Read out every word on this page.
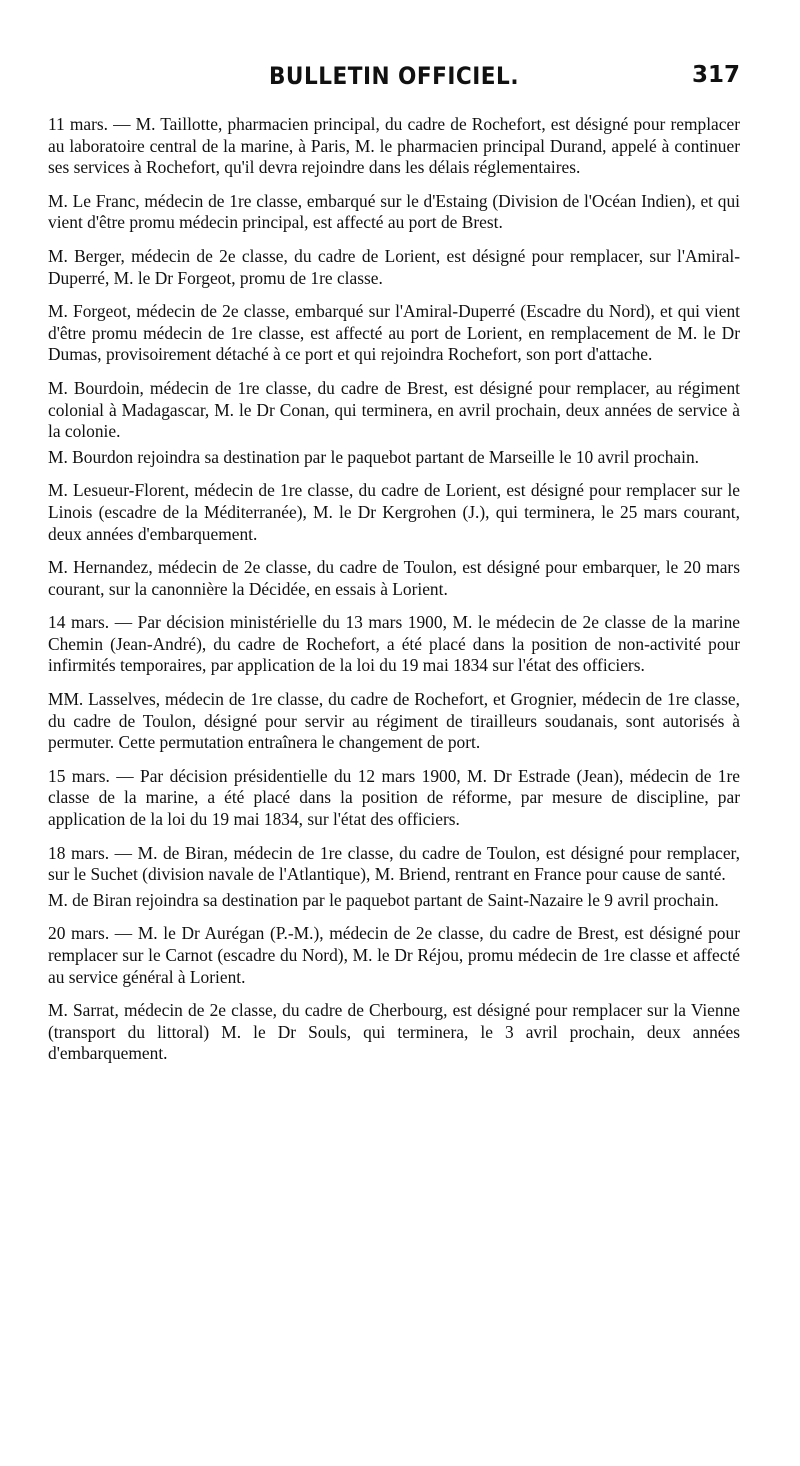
BULLETIN OFFICIEL.	317

11 mars. — M. Taillotte, pharmacien principal, du cadre de Rochefort, est désigné pour remplacer au laboratoire central de la marine, à Paris, M. le pharmacien principal Durand, appelé à continuer ses services à Rochefort, qu'il devra rejoindre dans les délais réglementaires.

M. Le Franc, médecin de 1re classe, embarqué sur le d'Estaing (Division de l'Océan Indien), et qui vient d'être promu médecin principal, est affecté au port de Brest.

M. Berger, médecin de 2e classe, du cadre de Lorient, est désigné pour remplacer, sur l'Amiral-Duperré, M. le Dr Forgeot, promu de 1re classe.

M. Forgeot, médecin de 2e classe, embarqué sur l'Amiral-Duperré (Escadre du Nord), et qui vient d'être promu médecin de 1re classe, est affecté au port de Lorient, en remplacement de M. le Dr Dumas, provisoirement détaché à ce port et qui rejoindra Rochefort, son port d'attache.

M. Bourdoin, médecin de 1re classe, du cadre de Brest, est désigné pour remplacer, au régiment colonial à Madagascar, M. le Dr Conan, qui terminera, en avril prochain, deux années de service à la colonie.

M. Bourdon rejoindra sa destination par le paquebot partant de Marseille le 10 avril prochain.

M. Lesueur-Florent, médecin de 1re classe, du cadre de Lorient, est désigné pour remplacer sur le Linois (escadre de la Méditerranée), M. le Dr Kergrohen (J.), qui terminera, le 25 mars courant, deux années d'embarquement.

M. Hernandez, médecin de 2e classe, du cadre de Toulon, est désigné pour embarquer, le 20 mars courant, sur la canonnière la Décidée, en essais à Lorient.

14 mars. — Par décision ministérielle du 13 mars 1900, M. le médecin de 2e classe de la marine Chemin (Jean-André), du cadre de Rochefort, a été placé dans la position de non-activité pour infirmités temporaires, par application de la loi du 19 mai 1834 sur l'état des officiers.

MM. Lasselves, médecin de 1re classe, du cadre de Rochefort, et Grognier, médecin de 1re classe, du cadre de Toulon, désigné pour servir au régiment de tirailleurs soudanais, sont autorisés à permuter. Cette permutation entraînera le changement de port.

15 mars. — Par décision présidentielle du 12 mars 1900, M. Dr Estrade (Jean), médecin de 1re classe de la marine, a été placé dans la position de réforme, par mesure de discipline, par application de la loi du 19 mai 1834, sur l'état des officiers.

18 mars. — M. de Biran, médecin de 1re classe, du cadre de Toulon, est désigné pour remplacer, sur le Suchet (division navale de l'Atlantique), M. Briend, rentrant en France pour cause de santé.

M. de Biran rejoindra sa destination par le paquebot partant de Saint-Nazaire le 9 avril prochain.

20 mars. — M. le Dr Aurégan (P.-M.), médecin de 2e classe, du cadre de Brest, est désigné pour remplacer sur le Carnot (escadre du Nord), M. le Dr Réjou, promu médecin de 1re classe et affecté au service général à Lorient.

M. Sarrat, médecin de 2e classe, du cadre de Cherbourg, est désigné pour remplacer sur la Vienne (transport du littoral) M. le Dr Souls, qui terminera, le 3 avril prochain, deux années d'embarquement.
